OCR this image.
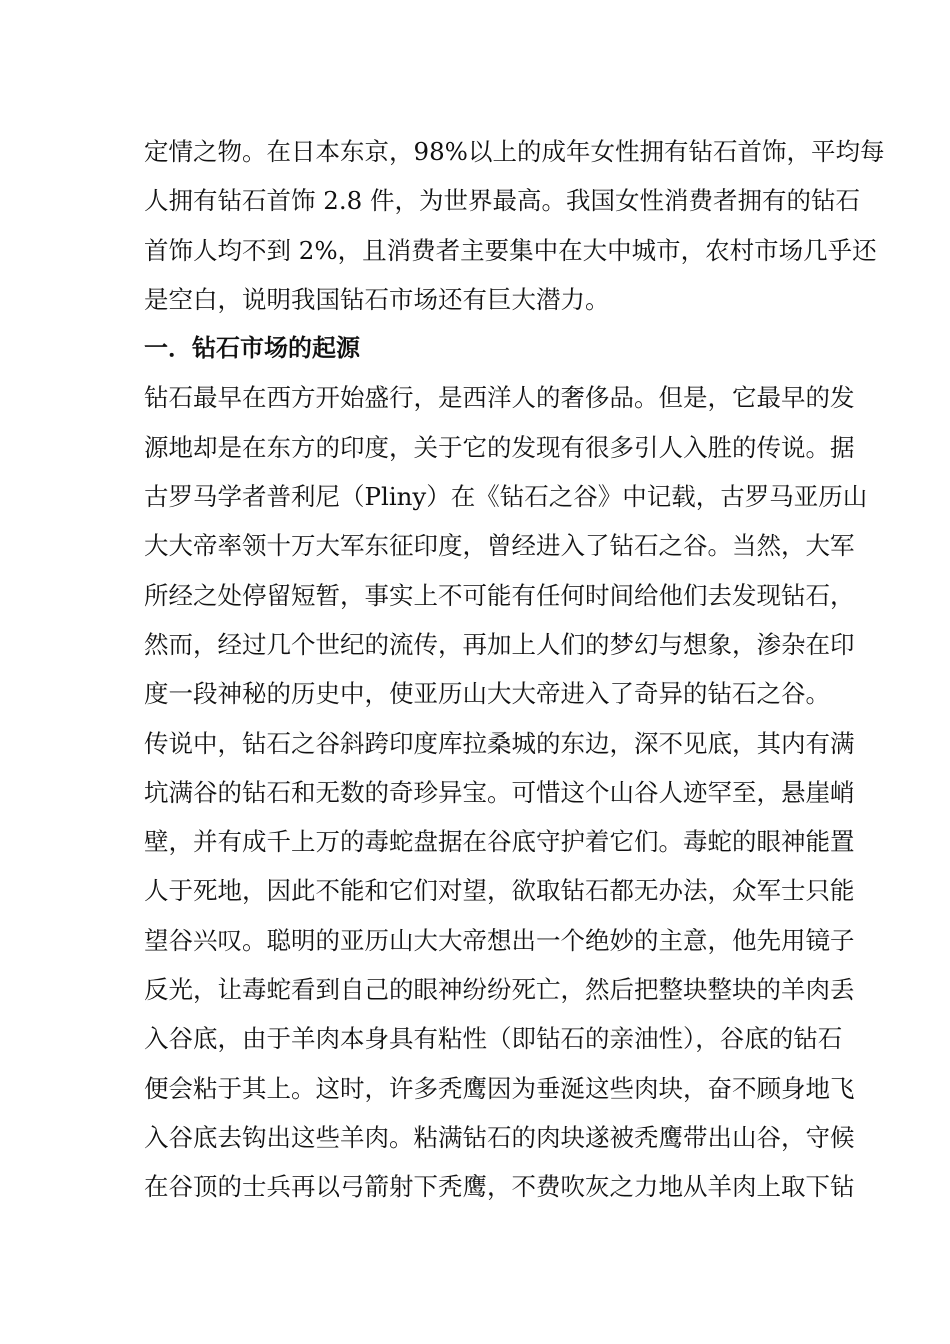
定情之物。在日本东京，98%以上的成年女性拥有钻石首饰，平均每
人拥有钻石首饰 2.8 件，为世界最高。我国女性消费者拥有的钻石
首饰人均不到 2%，且消费者主要集中在大中城市，农村市场几乎还
是空白，说明我国钻石市场还有巨大潜力。
一．钻石市场的起源
钻石最早在西方开始盛行，是西洋人的奢侈品。但是，它最早的发
源地却是在东方的印度，关于它的发现有很多引人入胜的传说。据
古罗马学者普利尼（Pliny）在《钻石之谷》中记载，古罗马亚历山
大大帝率领十万大军东征印度，曾经进入了钻石之谷。当然，大军
所经之处停留短暂，事实上不可能有任何时间给他们去发现钻石，
然而，经过几个世纪的流传，再加上人们的梦幻与想象，渗杂在印
度一段神秘的历史中，使亚历山大大帝进入了奇异的钻石之谷。
传说中，钻石之谷斜跨印度库拉桑城的东边，深不见底，其内有满
坑满谷的钻石和无数的奇珍异宝。可惜这个山谷人迹罕至，悬崖峭
壁，并有成千上万的毒蛇盘据在谷底守护着它们。毒蛇的眼神能置
人于死地，因此不能和它们对望，欲取钻石都无办法，众军士只能
望谷兴叹。聪明的亚历山大大帝想出一个绝妙的主意，他先用镜子
反光，让毒蛇看到自己的眼神纷纷死亡，然后把整块整块的羊肉丢
入谷底，由于羊肉本身具有粘性（即钻石的亲油性），谷底的钻石
便会粘于其上。这时，许多秃鹰因为垂涎这些肉块，奋不顾身地飞
入谷底去钩出这些羊肉。粘满钻石的肉块遂被秃鹰带出山谷，守候
在谷顶的士兵再以弓箭射下秃鹰，不费吹灰之力地从羊肉上取下钻
